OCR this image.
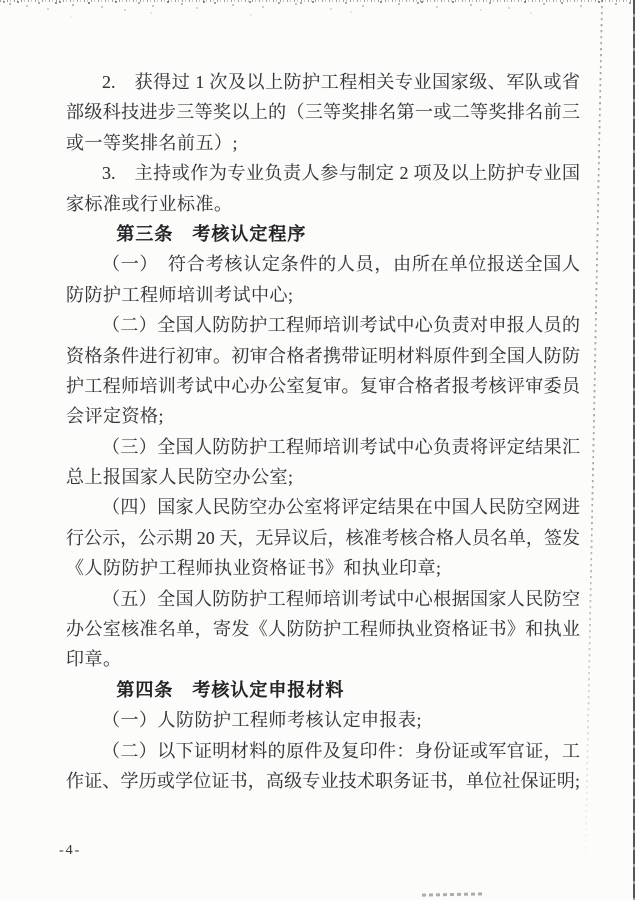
2.　获得过 1 次及以上防护工程相关专业国家级、军队或省
部级科技进步三等奖以上的（三等奖排名第一或二等奖排名前三
或一等奖排名前五）;
3.　主持或作为专业负责人参与制定 2 项及以上防护专业国
家标准或行业标准。
第三条　考核认定程序
（一）　符合考核认定条件的人员，由所在单位报送全国人
防防护工程师培训考试中心;
（二）全国人防防护工程师培训考试中心负责对申报人员的
资格条件进行初审。初审合格者携带证明材料原件到全国人防防
护工程师培训考试中心办公室复审。复审合格者报考核评审委员
会评定资格;
（三）全国人防防护工程师培训考试中心负责将评定结果汇
总上报国家人民防空办公室;
（四）国家人民防空办公室将评定结果在中国人民防空网进
行公示，公示期 20 天，无异议后，核准考核合格人员名单，签发
《人防防护工程师执业资格证书》和执业印章;
（五）全国人防防护工程师培训考试中心根据国家人民防空
办公室核准名单，寄发《人防防护工程师执业资格证书》和执业
印章。
第四条　考核认定申报材料
（一）人防防护工程师考核认定申报表;
（二）以下证明材料的原件及复印件：身份证或军官证，工
作证、学历或学位证书，高级专业技术职务证书，单位社保证明;
-4-
